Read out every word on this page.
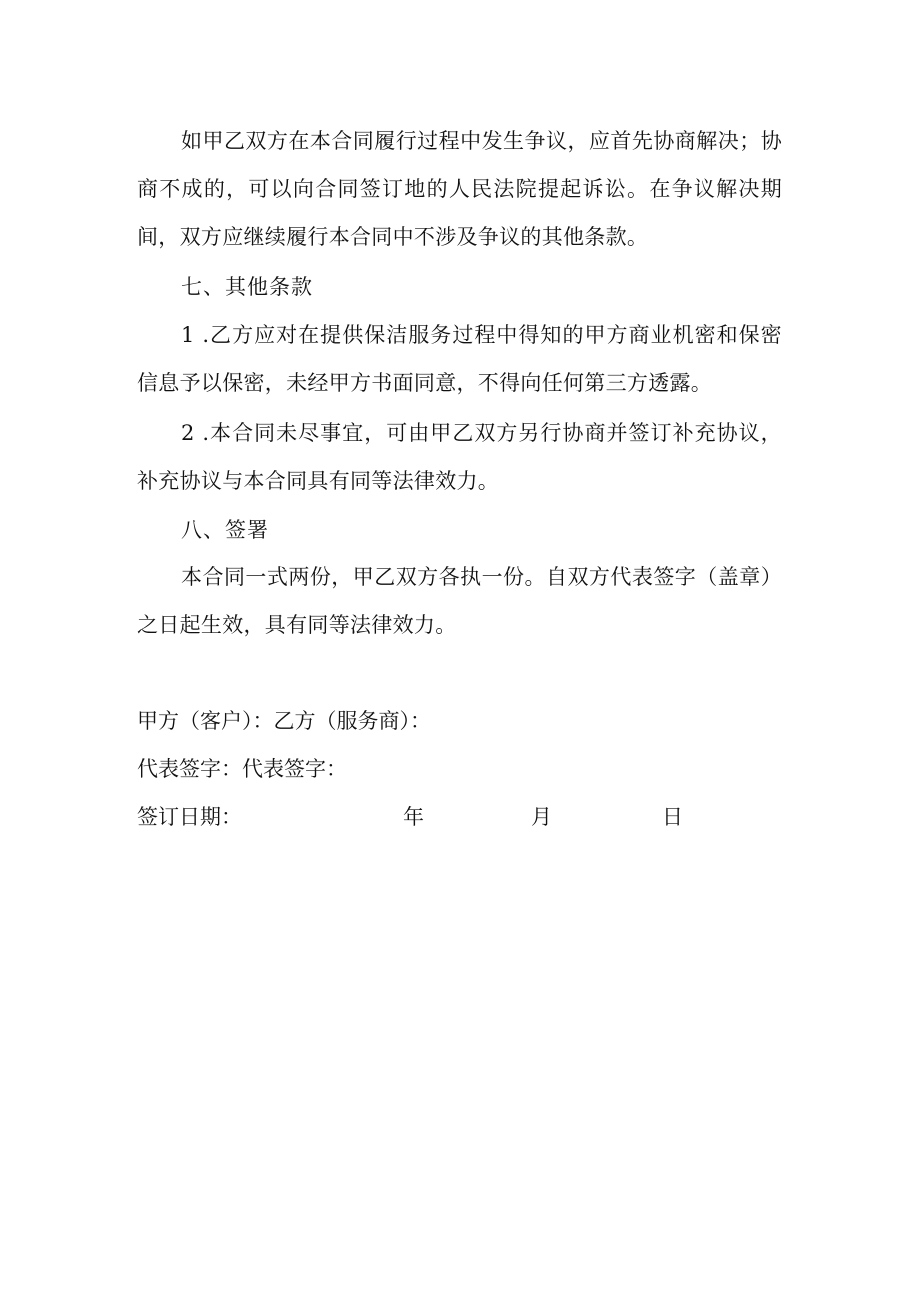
如甲乙双方在本合同履行过程中发生争议，应首先协商解决；协商不成的，可以向合同签订地的人民法院提起诉讼。在争议解决期间，双方应继续履行本合同中不涉及争议的其他条款。

七、其他条款

1 .乙方应对在提供保洁服务过程中得知的甲方商业机密和保密信息予以保密，未经甲方书面同意，不得向任何第三方透露。

2 .本合同未尽事宜，可由甲乙双方另行协商并签订补充协议，补充协议与本合同具有同等法律效力。

八、签署

本合同一式两份，甲乙双方各执一份。自双方代表签字（盖章）之日起生效，具有同等法律效力。

甲方（客户）：乙方（服务商）：

代表签字：代表签字：

签订日期：	年	月	日
